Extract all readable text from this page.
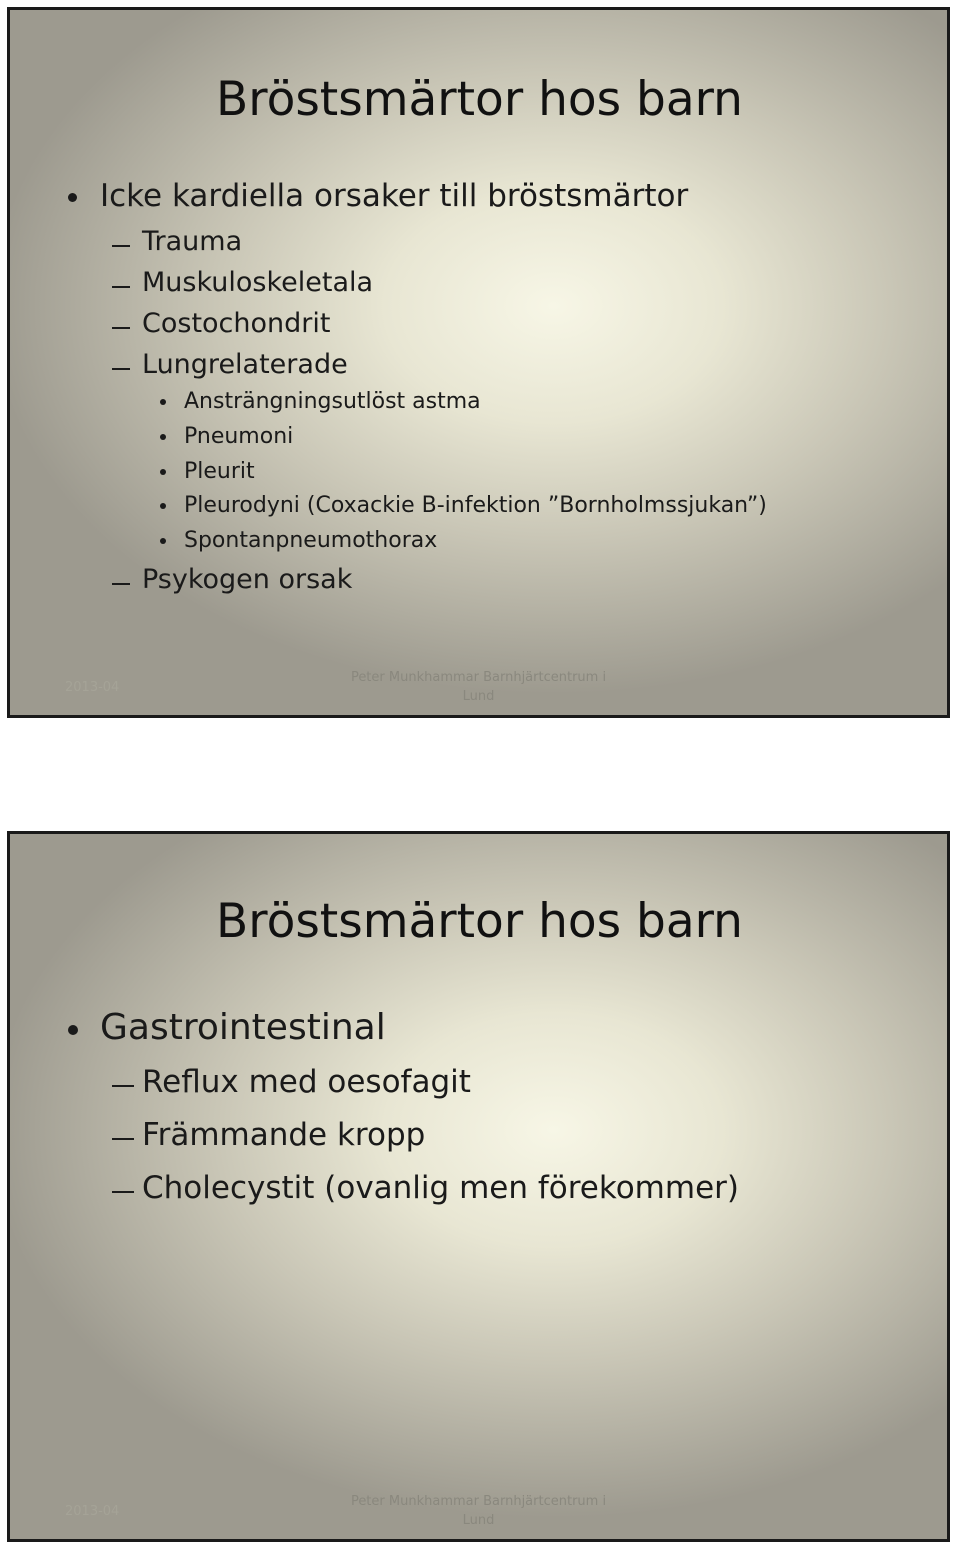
Bröstsmärtor hos barn
Icke kardiella orsaker till bröstsmärtor
Trauma
Muskuloskeletala
Costochondrit
Lungrelaterade
Ansträngningsutlöst astma
Pneumoni
Pleurit
Pleurodyni (Coxackie B-infektion ”Bornholmssjukan”)
Spontanpneumothorax
Psykogen orsak
2013-04
Peter Munkhammar Barnhjärtcentrum i
Lund
Bröstsmärtor hos barn
Gastrointestinal
Reflux med oesofagit
Främmande kropp
Cholecystit (ovanlig men förekommer)
2013-04
Peter Munkhammar Barnhjärtcentrum i
Lund
